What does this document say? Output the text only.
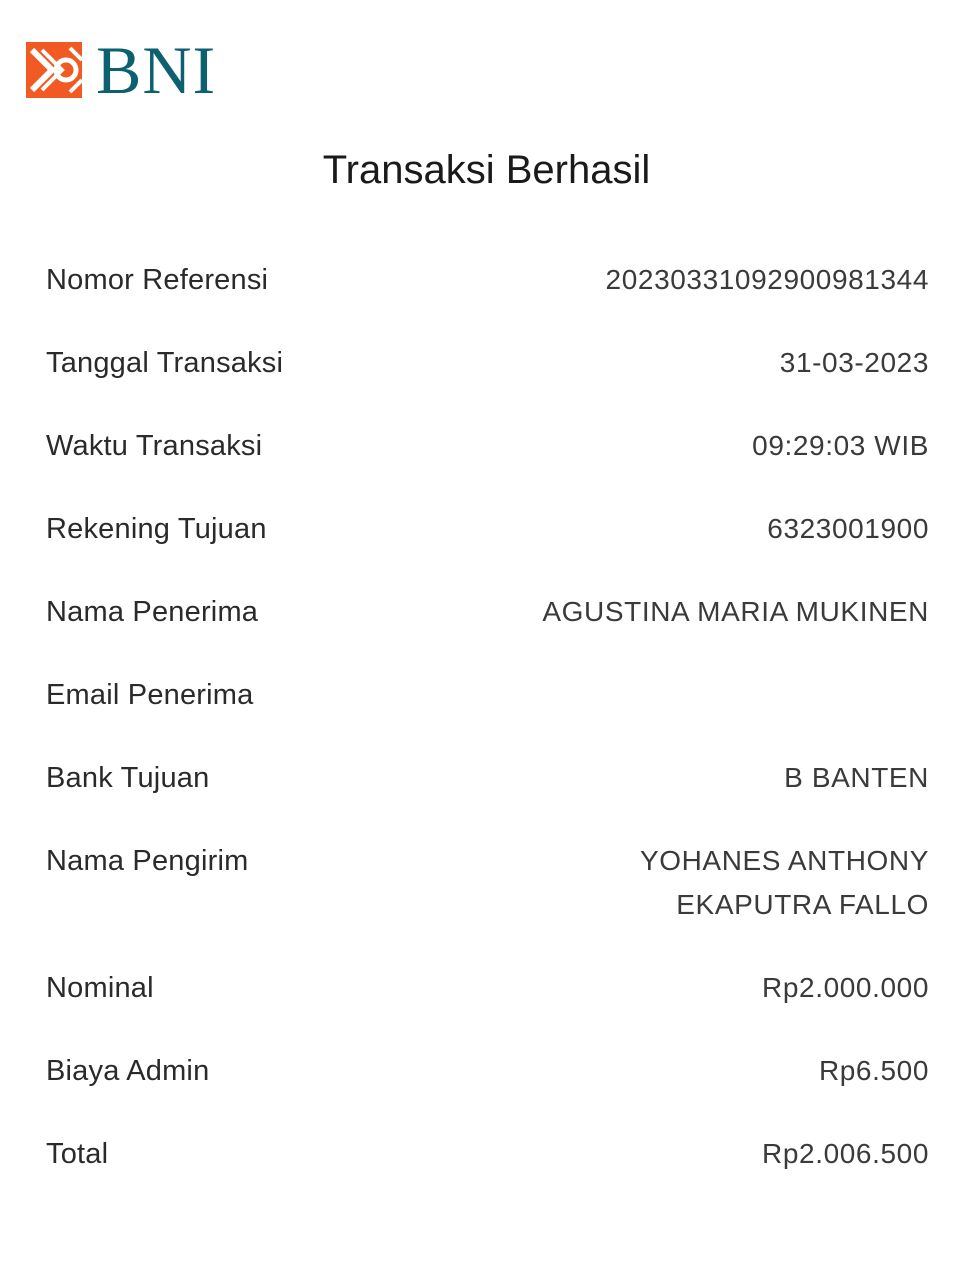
BNI
Transaksi Berhasil
Nomor Referensi	20230331092900981344
Tanggal Transaksi	31-03-2023
Waktu Transaksi	09:29:03 WIB
Rekening Tujuan	6323001900
Nama Penerima	AGUSTINA MARIA MUKINEN
Email Penerima
Bank Tujuan	B BANTEN
Nama Pengirim	YOHANES ANTHONY
EKAPUTRA FALLO
Nominal	Rp2.000.000
Biaya Admin	Rp6.500
Total	Rp2.006.500
